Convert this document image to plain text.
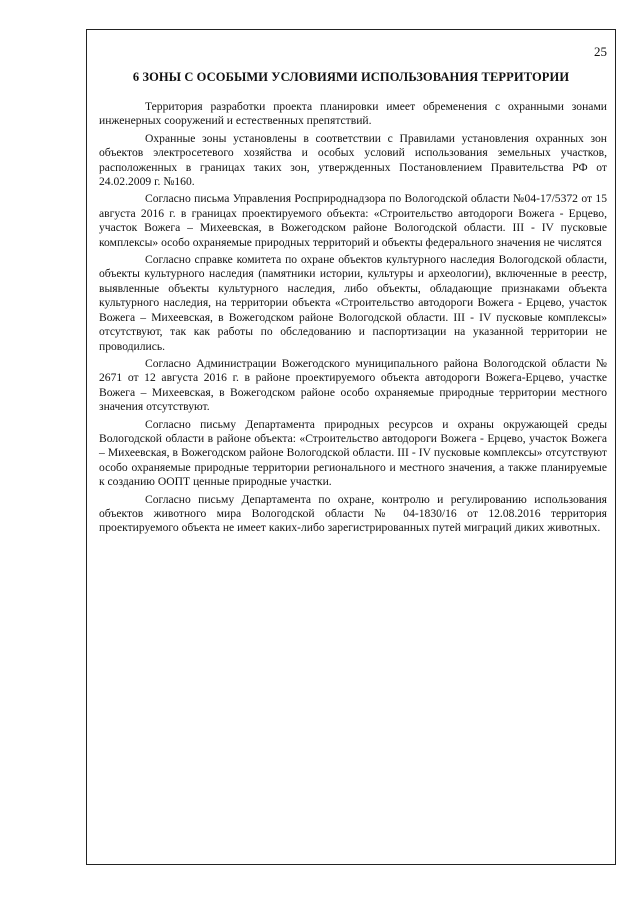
25
6 ЗОНЫ С ОСОБЫМИ УСЛОВИЯМИ ИСПОЛЬЗОВАНИЯ ТЕРРИТОРИИ

Территория разработки проекта планировки имеет обременения с охранными зонами инженерных сооружений и естественных препятствий.

Охранные зоны установлены в соответствии с Правилами установления охранных зон объектов электросетевого хозяйства и особых условий использования земельных участков, расположенных в границах таких зон, утвержденных Постановлением Правительства РФ от 24.02.2009 г. №160.

Согласно письма Управления Росприроднадзора по Вологодской области №04-17/5372 от 15 августа 2016 г. в границах проектируемого объекта: «Строительство автодороги Вожега - Ерцево, участок Вожега – Михеевская, в Вожегодском районе Вологодской области. III - IV пусковые комплексы» особо охраняемые природных территорий и объекты федерального значения не числятся

Согласно справке комитета по охране объектов культурного наследия Вологодской области, объекты культурного наследия (памятники истории, культуры и археологии), включенные в реестр, выявленные объекты культурного наследия, либо объекты, обладающие признаками объекта культурного наследия, на территории объекта «Строительство автодороги Вожега - Ерцево, участок Вожега – Михеевская, в Вожегодском районе Вологодской области. III - IV пусковые комплексы» отсутствуют, так как работы по обследованию и паспортизации на указанной территории не проводились.

Согласно Администрации Вожегодского муниципального района Вологодской области № 2671 от 12 августа 2016 г. в районе проектируемого объекта автодороги Вожега-Ерцево, участке Вожега – Михеевская, в Вожегодском районе особо охраняемые природные территории местного значения отсутствуют.

Согласно письму Департамента природных ресурсов и охраны окружающей среды Вологодской области в районе объекта: «Строительство автодороги Вожега - Ерцево, участок Вожега – Михеевская, в Вожегодском районе Вологодской области. III - IV пусковые комплексы» отсутствуют особо охраняемые природные территории регионального и местного значения, а также планируемые к созданию ООПТ ценные природные участки.

Согласно письму Департамента по охране, контролю и регулированию использования объектов животного мира Вологодской области № 04-1830/16 от 12.08.2016 территория проектируемого объекта не имеет каких-либо зарегистрированных путей миграций диких животных.
